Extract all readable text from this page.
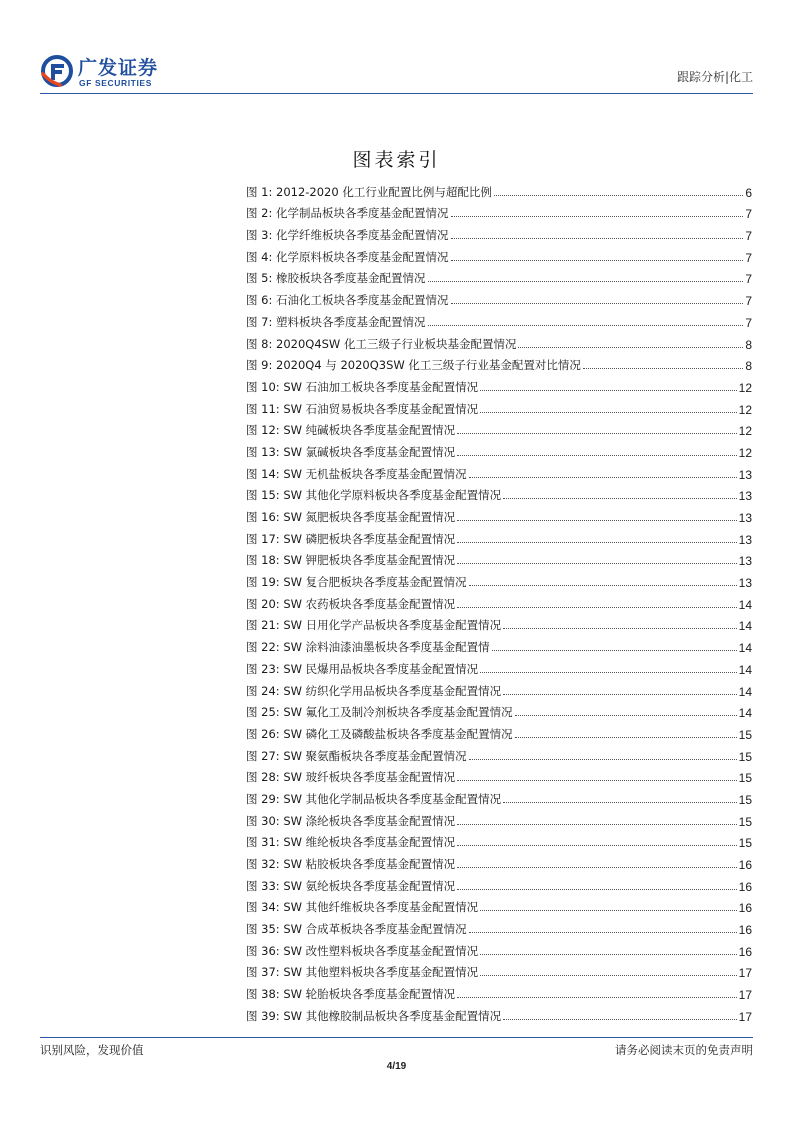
广发证券
GF SECURITIES	跟踪分析|化工
图表索引
图 1: 2012-2020 化工行业配置比例与超配比例	6
图 2: 化学制品板块各季度基金配置情况	7
图 3: 化学纤维板块各季度基金配置情况	7
图 4: 化学原料板块各季度基金配置情况	7
图 5: 橡胶板块各季度基金配置情况	7
图 6: 石油化工板块各季度基金配置情况	7
图 7: 塑料板块各季度基金配置情况	7
图 8: 2020Q4SW 化工三级子行业板块基金配置情况	8
图 9: 2020Q4 与 2020Q3SW 化工三级子行业基金配置对比情况	8
图 10: SW 石油加工板块各季度基金配置情况	12
图 11: SW 石油贸易板块各季度基金配置情况	12
图 12: SW 纯碱板块各季度基金配置情况	12
图 13: SW 氯碱板块各季度基金配置情况	12
图 14: SW 无机盐板块各季度基金配置情况	13
图 15: SW 其他化学原料板块各季度基金配置情况	13
图 16: SW 氮肥板块各季度基金配置情况	13
图 17: SW 磷肥板块各季度基金配置情况	13
图 18: SW 钾肥板块各季度基金配置情况	13
图 19: SW 复合肥板块各季度基金配置情况	13
图 20: SW 农药板块各季度基金配置情况	14
图 21: SW 日用化学产品板块各季度基金配置情况	14
图 22: SW 涂料油漆油墨板块各季度基金配置情	14
图 23: SW 民爆用品板块各季度基金配置情况	14
图 24: SW 纺织化学用品板块各季度基金配置情况	14
图 25: SW 氟化工及制冷剂板块各季度基金配置情况	14
图 26: SW 磷化工及磷酸盐板块各季度基金配置情况	15
图 27: SW 聚氨酯板块各季度基金配置情况	15
图 28: SW 玻纤板块各季度基金配置情况	15
图 29: SW 其他化学制品板块各季度基金配置情况	15
图 30: SW 涤纶板块各季度基金配置情况	15
图 31: SW 维纶板块各季度基金配置情况	15
图 32: SW 粘胶板块各季度基金配置情况	16
图 33: SW 氨纶板块各季度基金配置情况	16
图 34: SW 其他纤维板块各季度基金配置情况	16
图 35: SW 合成革板块各季度基金配置情况	16
图 36: SW 改性塑料板块各季度基金配置情况	16
图 37: SW 其他塑料板块各季度基金配置情况	17
图 38: SW 轮胎板块各季度基金配置情况	17
图 39: SW 其他橡胶制品板块各季度基金配置情况	17
识别风险，发现价值	请务必阅读末页的免责声明
4/19
